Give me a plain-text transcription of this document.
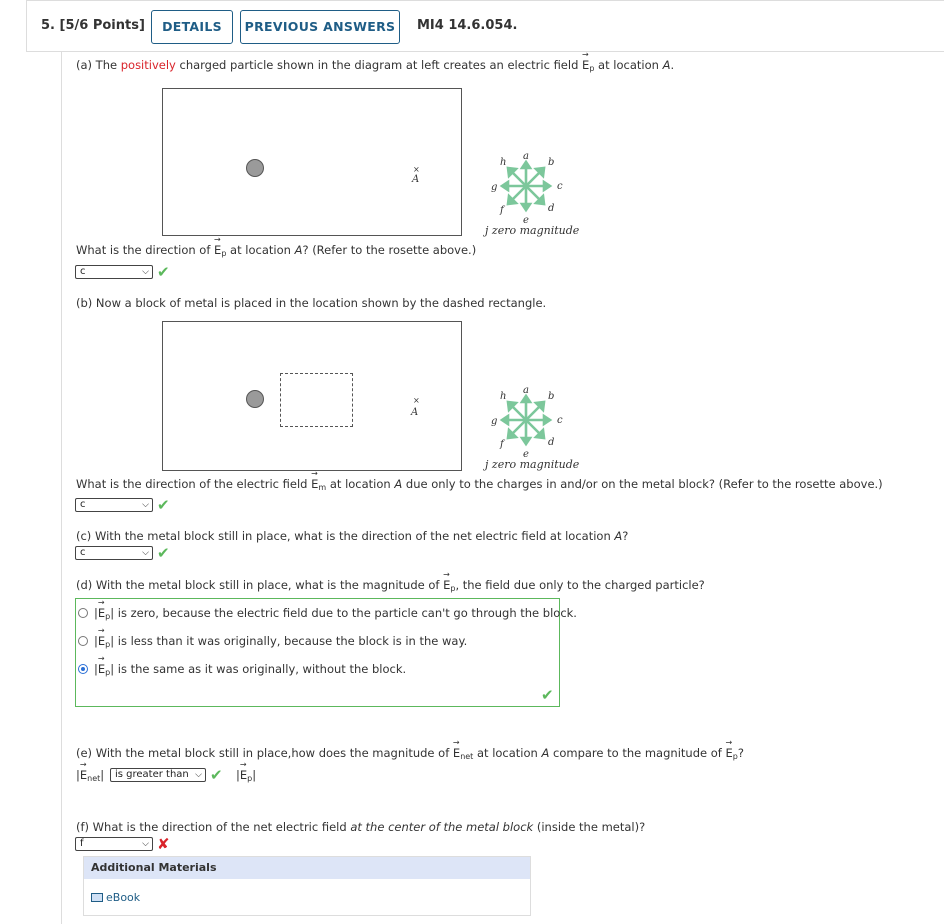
5. [5/6 Points]	DETAILS	PREVIOUS ANSWERS	MI4 14.6.054.
(a) The positively charged particle shown in the diagram at left creates an electric field → $E_p$ at location A.
×
A
a
b
c
d
e
f
g
h
j zero magnitude
What is the direction of → $E_p$ at location A? (Refer to the rosette above.)
c	⌵ ✔
(b) Now a block of metal is placed in the location shown by the dashed rectangle.
×
A
a
b
c
d
e
f
g
h
j zero magnitude
What is the direction of the electric field → $E_m$ at location A due only to the charges in and/or on the metal block? (Refer to the rosette above.)
c	⌵ ✔
(c) With the metal block still in place, what is the direction of the net electric field at location A?
c	⌵ ✔
(d) With the metal block still in place, what is the magnitude of → $E_p$, the field due only to the charged particle?
|→ $E_p|$ is zero, because the electric field due to the particle can't go through the block.
|→ $E_p|$ is less than it was originally, because the block is in the way.
|→ $E_p|$ is the same as it was originally, without the block.
✔
(e) With the metal block still in place,how does the magnitude of → $E_{net}$ at location A compare to the magnitude of → $E_p$?
|→ $E_{net}|$	is greater than ⌵ ✔ |→ $E_p|$
(f) What is the direction of the net electric field at the center of the metal block (inside the metal)?
f	⌵ ✘
Additional Materials
eBook
